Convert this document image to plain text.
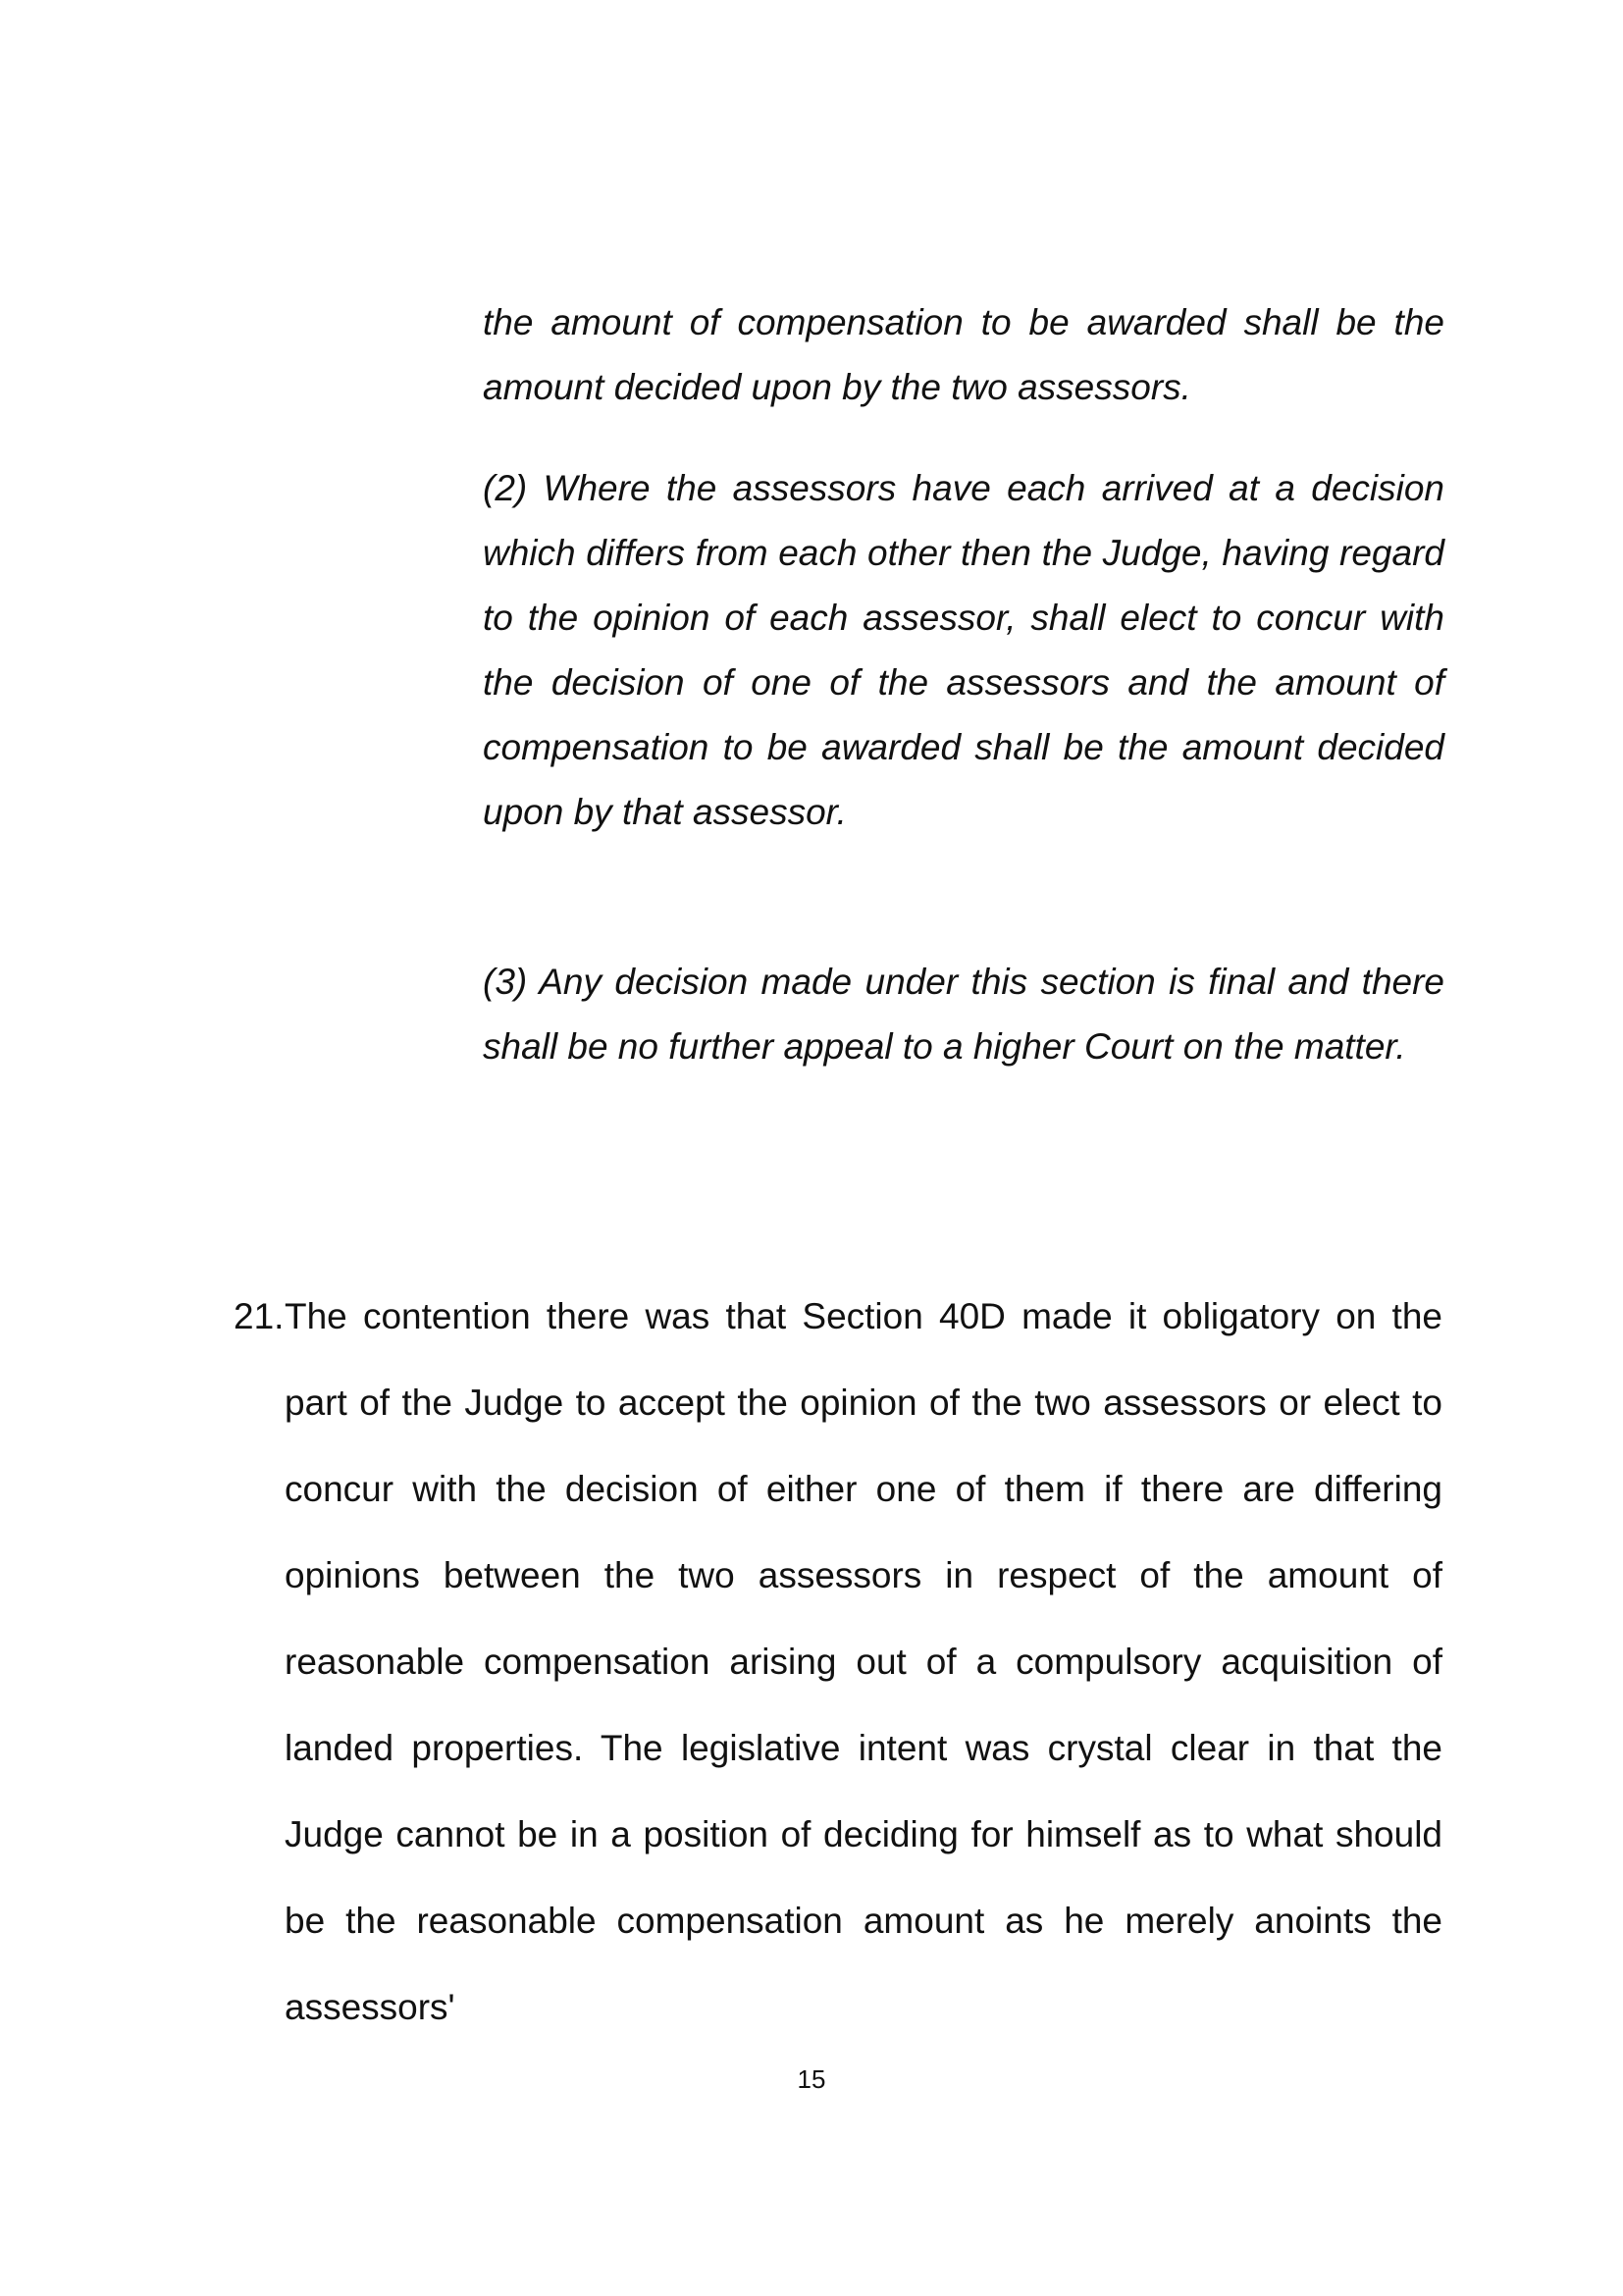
the amount of compensation to be awarded shall be the amount decided upon by the two assessors.

(2) Where the assessors have each arrived at a decision which differs from each other then the Judge, having regard to the opinion of each assessor, shall elect to concur with the decision of one of the assessors and the amount of compensation to be awarded shall be the amount decided upon by that assessor.

(3) Any decision made under this section is final and there shall be no further appeal to a higher Court on the matter.

21. The contention there was that Section 40D made it obligatory on the part of the Judge to accept the opinion of the two assessors or elect to concur with the decision of either one of them if there are differing opinions between the two assessors in respect of the amount of reasonable compensation arising out of a compulsory acquisition of landed properties. The legislative intent was crystal clear in that the Judge cannot be in a position of deciding for himself as to what should be the reasonable compensation amount as he merely anoints the assessors'

15
